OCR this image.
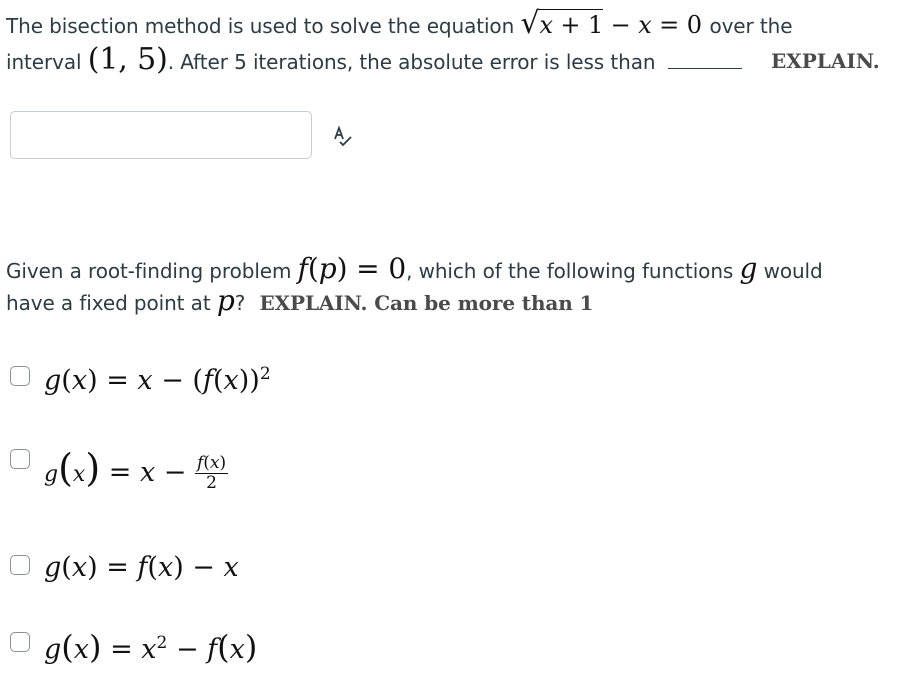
The bisection method is used to solve the equation √x + 1 − x = 0 over the
interval (1, 5). After 5 iterations, the absolute error is less than	EXPLAIN.
Given a root-finding problem f(p) = 0, which of the following functions g would
have a fixed point at p? EXPLAIN. Can be more than 1
$g(x) = x - (f(x))^2$
$g(x) = x - \frac{f(x)}{2}$
g(x) = f(x) − x
$g(x) = x^2 - f(x)$
